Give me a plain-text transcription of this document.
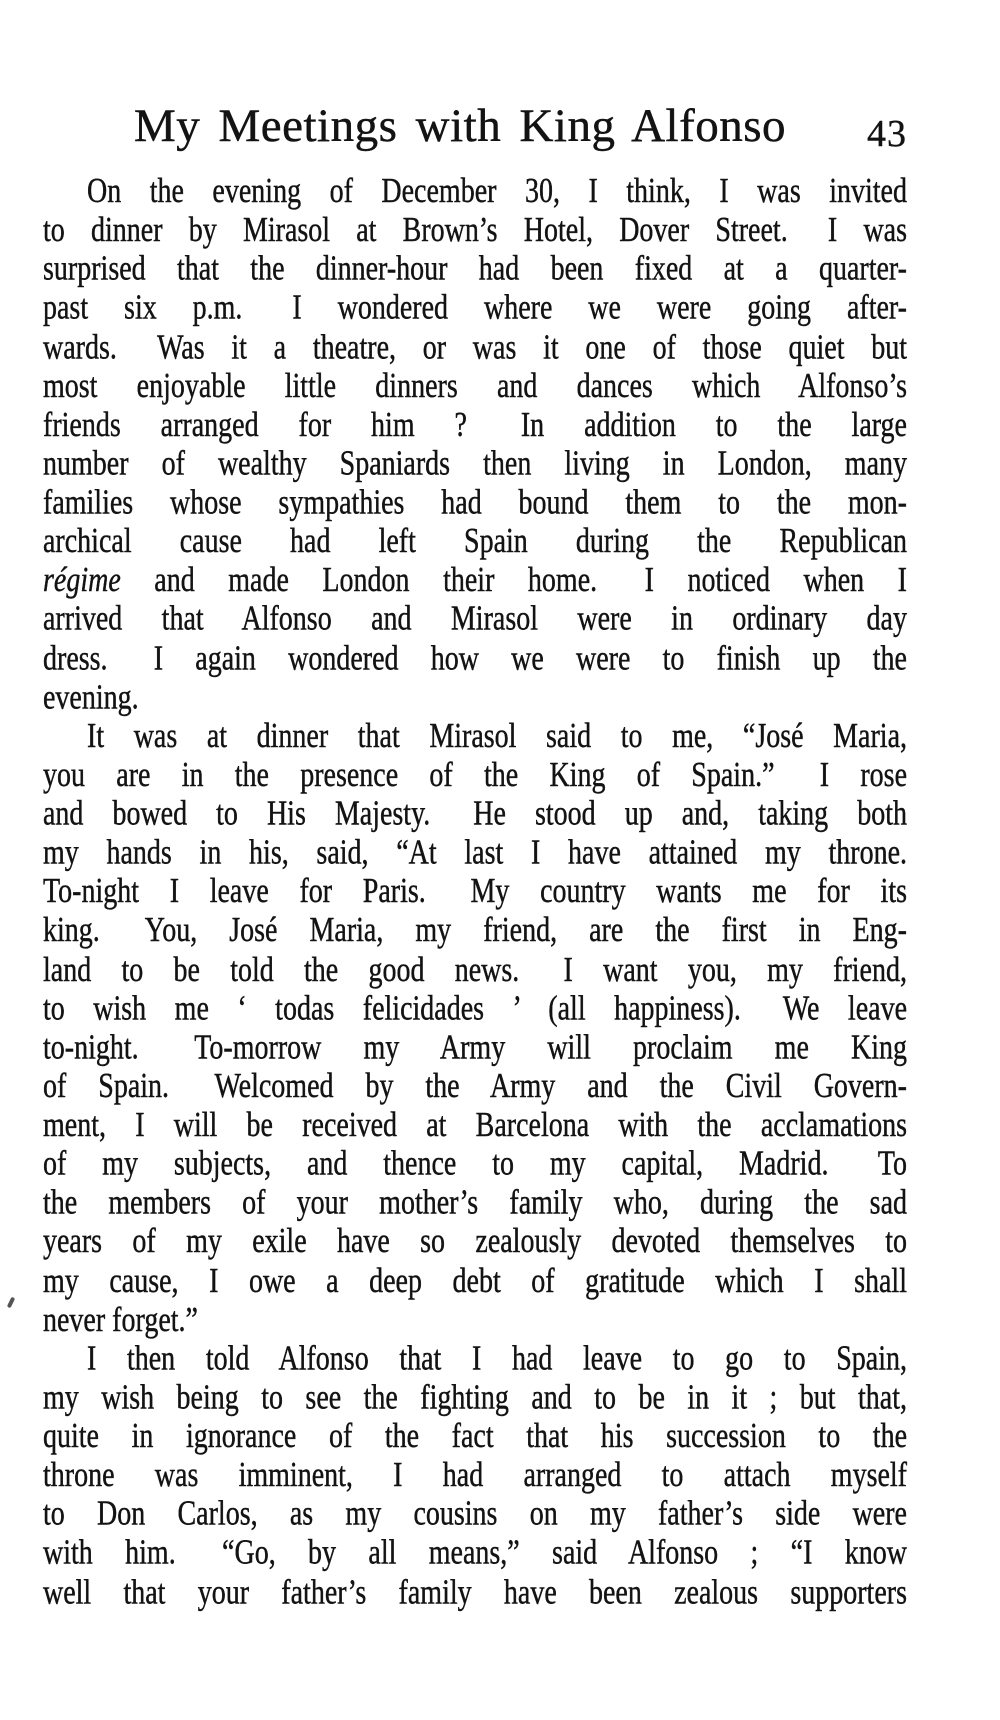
My Meetings with King Alfonso	43
On the evening of December 30, I think, I was invited
to dinner by Mirasol at Brown’s Hotel, Dover Street.  I was
surprised that the dinner-hour had been fixed at a quarter-
past six p.m.  I wondered where we were going after-
wards.  Was it a theatre, or was it one of those quiet but
most enjoyable little dinners and dances which Alfonso’s
friends arranged for him ?  In addition to the large
number of wealthy Spaniards then living in London, many
families whose sympathies had bound them to the mon-
archical cause had left Spain during the Republican
régime and made London their home.  I noticed when I
arrived that Alfonso and Mirasol were in ordinary day
dress.  I again wondered how we were to finish up the
evening.
It was at dinner that Mirasol said to me, “José Maria,
you are in the presence of the King of Spain.”  I rose
and bowed to His Majesty.  He stood up and, taking both
my hands in his, said, “At last I have attained my throne.
To-night I leave for Paris.  My country wants me for its
king.  You, José Maria, my friend, are the first in Eng-
land to be told the good news.  I want you, my friend,
to wish me ‘ todas felicidades ’ (all happiness).  We leave
to-night.  To-morrow my Army will proclaim me King
of Spain.  Welcomed by the Army and the Civil Govern-
ment, I will be received at Barcelona with the acclamations
of my subjects, and thence to my capital, Madrid.  To
the members of your mother’s family who, during the sad
years of my exile have so zealously devoted themselves to
my cause, I owe a deep debt of gratitude which I shall
never forget.”
I then told Alfonso that I had leave to go to Spain,
my wish being to see the fighting and to be in it ; but that,
quite in ignorance of the fact that his succession to the
throne was imminent, I had arranged to attach myself
to Don Carlos, as my cousins on my father’s side were
with him.  “Go, by all means,” said Alfonso ; “I know
well that your father’s family have been zealous supporters
